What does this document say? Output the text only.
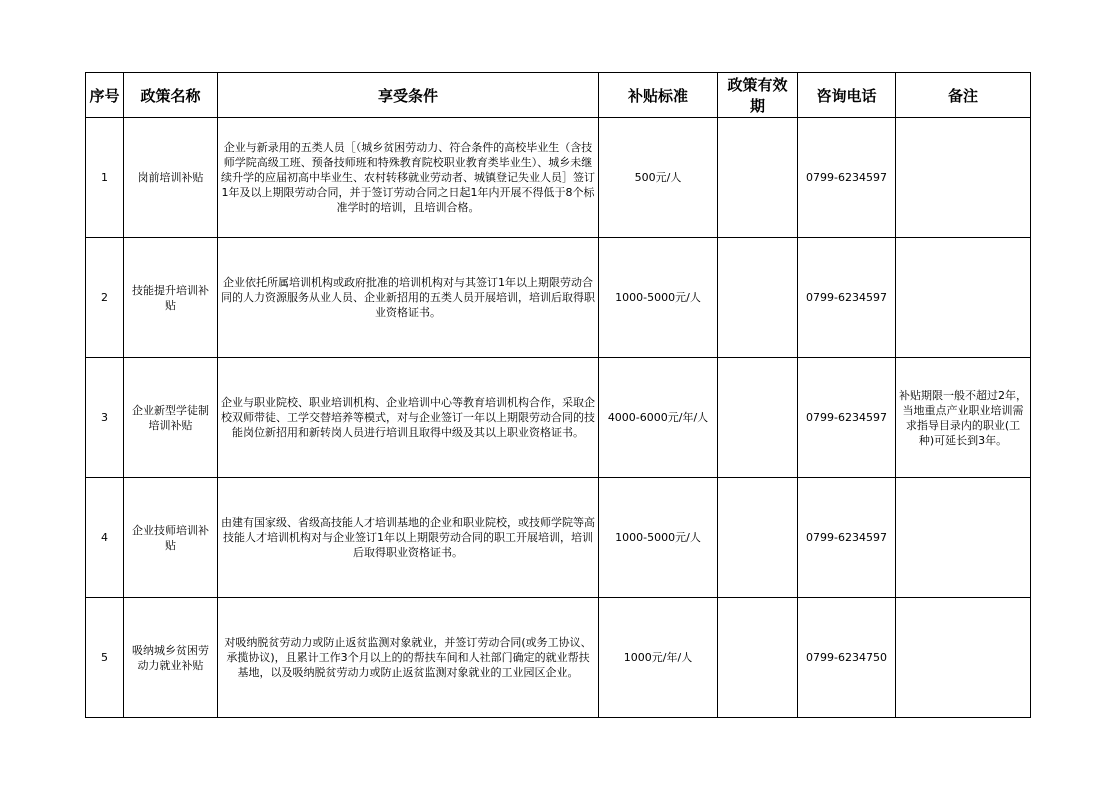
序号	政策名称	享受条件	补贴标准	政策有效期	咨询电话	备注
1	岗前培训补贴	企业与新录用的五类人员［（城乡贫困劳动力、符合条件的高校毕业生（含技师学院高级工班、预备技师班和特殊教育院校职业教育类毕业生）、城乡未继续升学的应届初高中毕业生、农村转移就业劳动者、城镇登记失业人员］签订1年及以上期限劳动合同，并于签订劳动合同之日起1年内开展不得低于8个标准学时的培训，且培训合格。	500元/人		0799-6234597	
2	技能提升培训补贴	企业依托所属培训机构或政府批准的培训机构对与其签订1年以上期限劳动合同的人力资源服务从业人员、企业新招用的五类人员开展培训，培训后取得职业资格证书。	1000-5000元/人		0799-6234597	
3	企业新型学徒制培训补贴	企业与职业院校、职业培训机构、企业培训中心等教育培训机构合作，采取企校双师带徒、工学交替培养等模式，对与企业签订一年以上期限劳动合同的技能岗位新招用和新转岗人员进行培训且取得中级及其以上职业资格证书。	4000-6000元/年/人		0799-6234597	补贴期限一般不超过2年，当地重点产业职业培训需求指导目录内的职业(工种)可延长到3年。
4	企业技师培训补贴	由建有国家级、省级高技能人才培训基地的企业和职业院校，或技师学院等高技能人才培训机构对与企业签订1年以上期限劳动合同的职工开展培训，培训后取得职业资格证书。	1000-5000元/人		0799-6234597	
5	吸纳城乡贫困劳动力就业补贴	对吸纳脱贫劳动力或防止返贫监测对象就业，并签订劳动合同(或务工协议、承揽协议)，且累计工作3个月以上的的帮扶车间和人社部门确定的就业帮扶基地，以及吸纳脱贫劳动力或防止返贫监测对象就业的工业园区企业。	1000元/年/人		0799-6234750	
